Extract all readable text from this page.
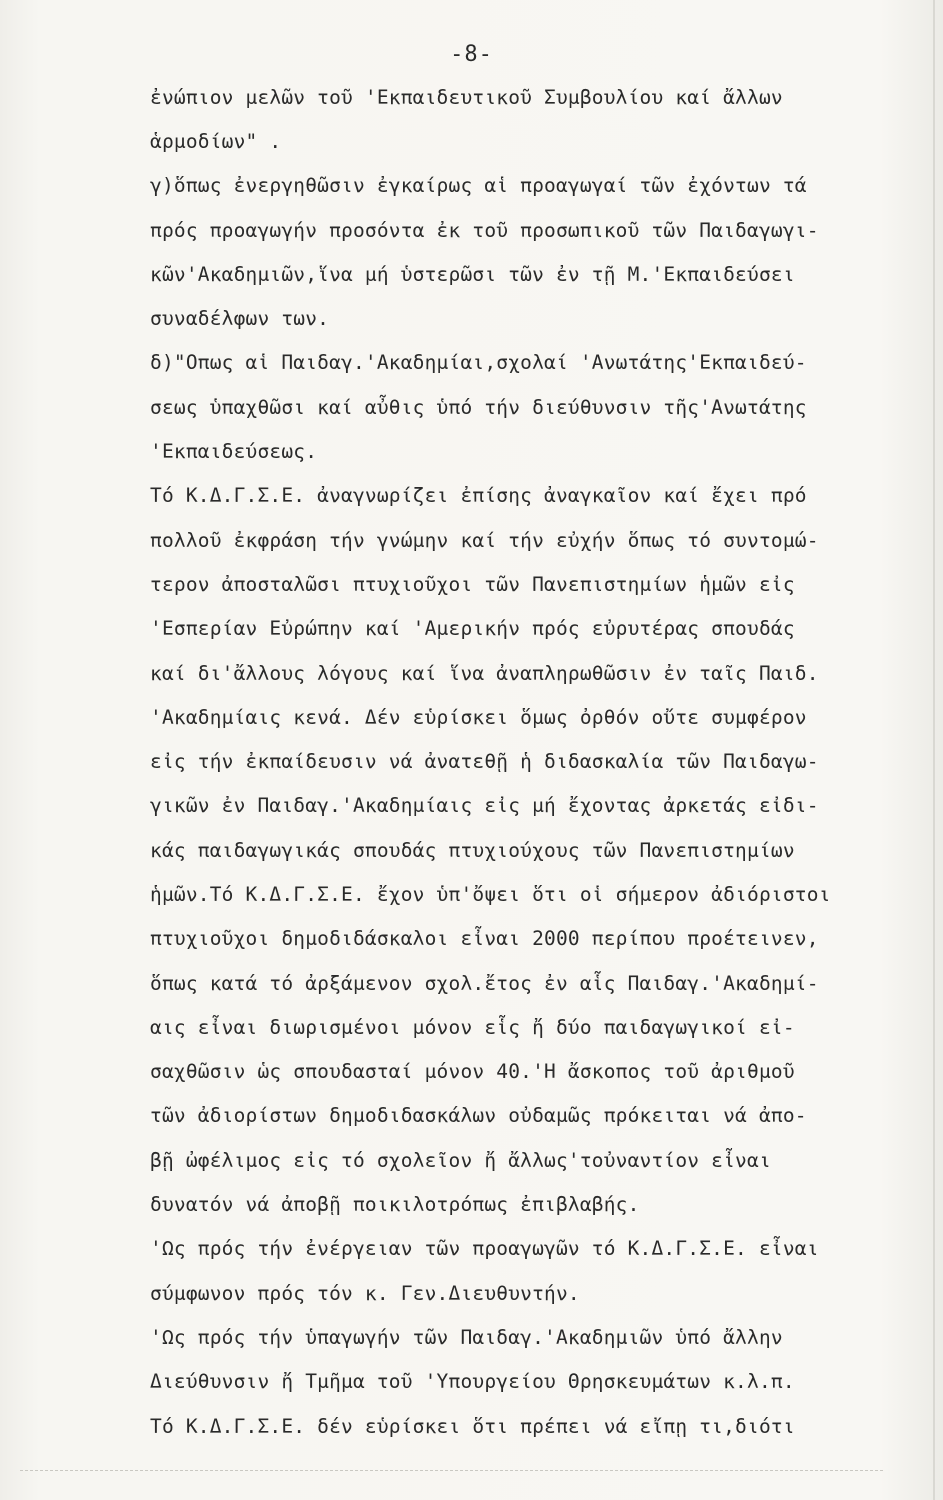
-8-
ἐνώπιον μελῶν τοῦ 'Εκπαιδευτικοῦ Συμβουλίου καί ἄλλων
ἁρμοδίων" .
γ)ὅπως ἐνεργηθῶσιν ἐγκαίρως αἱ προαγωγαί τῶν ἐχόντων τά
πρός προαγωγήν προσόντα ἐκ τοῦ προσωπικοῦ τῶν Παιδαγωγι-
κῶν'Ακαδημιῶν,ἵνα μή ὑστερῶσι τῶν ἐν τῇ Μ.'Εκπαιδεύσει
συναδέλφων των.
δ)"Οπως αἱ Παιδαγ.'Ακαδημίαι,σχολαί 'Ανωτάτης'Εκπαιδεύ-
σεως ὑπαχθῶσι καί αὖθις ὑπό τήν διεύθυνσιν τῆς'Ανωτάτης
'Εκπαιδεύσεως.
Τό Κ.Δ.Γ.Σ.Ε. ἀναγνωρίζει ἐπίσης ἀναγκαῖον καί ἔχει πρό
πολλοῦ ἐκφράση τήν γνώμην καί τήν εὐχήν ὅπως τό συντομώ-
τερον ἀποσταλῶσι πτυχιοῦχοι τῶν Πανεπιστημίων ἡμῶν εἰς
'Εσπερίαν Εὐρώπην καί 'Αμερικήν πρός εὐρυτέρας σπουδάς
καί δι'ἄλλους λόγους καί ἵνα ἀναπληρωθῶσιν ἐν ταῖς Παιδ.
'Ακαδημίαις κενά. Δέν εὑρίσκει ὅμως ὀρθόν οὔτε συμφέρον
εἰς τήν ἐκπαίδευσιν νά ἀνατεθῇ ἡ διδασκαλία τῶν Παιδαγω-
γικῶν ἐν Παιδαγ.'Ακαδημίαις εἰς μή ἔχοντας ἀρκετάς εἰδι-
κάς παιδαγωγικάς σπουδάς πτυχιούχους τῶν Πανεπιστημίων
ἡμῶν.Τό Κ.Δ.Γ.Σ.Ε. ἔχον ὑπ'ὄψει ὅτι οἱ σήμερον ἀδιόριστοι
πτυχιοῦχοι δημοδιδάσκαλοι εἶναι 2000 περίπου προέτεινεν,
ὅπως κατά τό ἀρξάμενον σχολ.ἔτος ἐν αἷς Παιδαγ.'Ακαδημί-
αις εἶναι διωρισμένοι μόνον εἷς ἤ δύο παιδαγωγικοί εἰ-
σαχθῶσιν ὡς σπουδασταί μόνον 40.'Η ἄσκοπος τοῦ ἀριθμοῦ
τῶν ἀδιορίστων δημοδιδασκάλων οὐδαμῶς πρόκειται νά ἀπο-
βῇ ὠφέλιμος εἰς τό σχολεῖον ἤ ἄλλως'τοὐναντίον εἶναι
δυνατόν νά ἀποβῇ ποικιλοτρόπως ἐπιβλαβής.
'Ως πρός τήν ἐνέργειαν τῶν προαγωγῶν τό Κ.Δ.Γ.Σ.Ε. εἶναι
σύμφωνον πρός τόν κ. Γεν.Διευθυντήν.
'Ως πρός τήν ὑπαγωγήν τῶν Παιδαγ.'Ακαδημιῶν ὑπό ἄλλην
Διεύθυνσιν ἤ Τμῆμα τοῦ 'Υπουργείου Θρησκευμάτων κ.λ.π.
Τό Κ.Δ.Γ.Σ.Ε. δέν εὑρίσκει ὅτι πρέπει νά εἴπῃ τι,διότι
